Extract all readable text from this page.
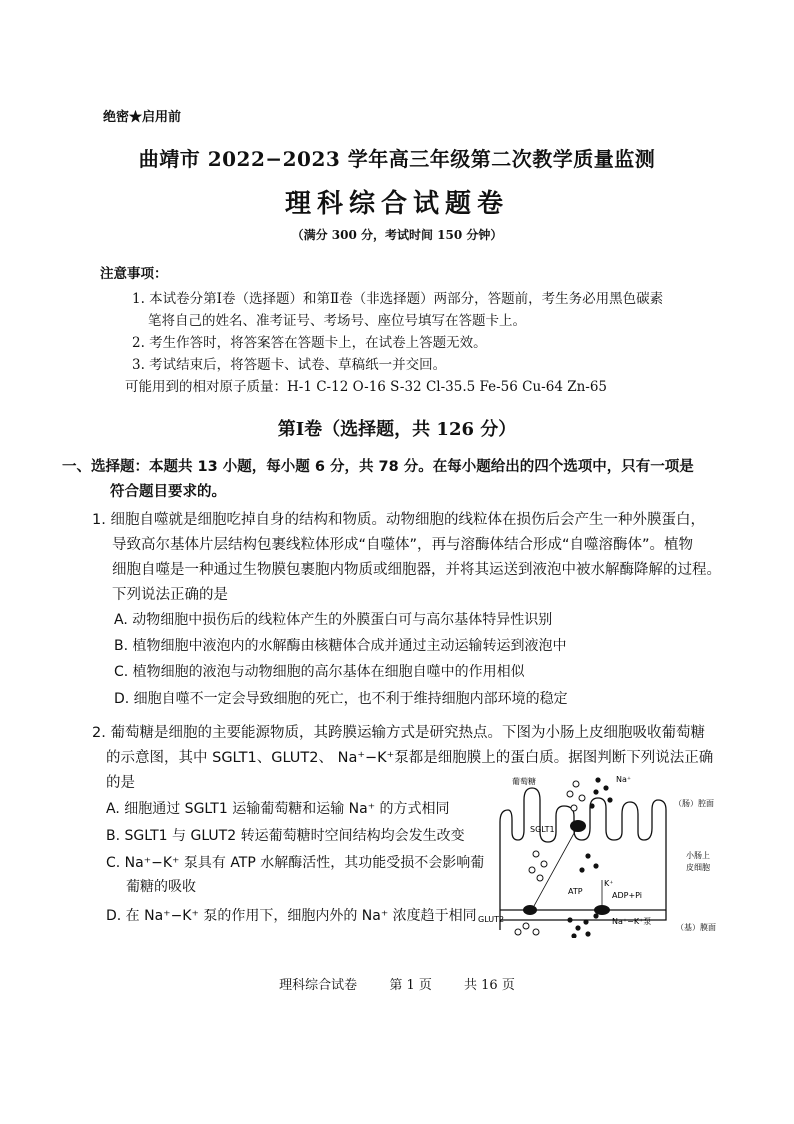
绝密★启用前
曲靖市 2022−2023 学年高三年级第二次教学质量监测
理科综合试题卷
（满分 300 分，考试时间 150 分钟）
注意事项：
1. 本试卷分第Ⅰ卷（选择题）和第Ⅱ卷（非选择题）两部分，答题前，考生务必用黑色碳素
笔将自己的姓名、准考证号、考场号、座位号填写在答题卡上。
2. 考生作答时，将答案答在答题卡上，在试卷上答题无效。
3. 考试结束后，将答题卡、试卷、草稿纸一并交回。
可能用到的相对原子质量：H-1 C-12 O-16 S-32 Cl-35.5 Fe-56 Cu-64 Zn-65
第Ⅰ卷（选择题，共 126 分）
一、选择题：本题共 13 小题，每小题 6 分，共 78 分。在每小题给出的四个选项中，只有一项是
符合题目要求的。
1. 细胞自噬就是细胞吃掉自身的结构和物质。动物细胞的线粒体在损伤后会产生一种外膜蛋白，
导致高尔基体片层结构包裹线粒体形成“自噬体”，再与溶酶体结合形成“自噬溶酶体”。植物
细胞自噬是一种通过生物膜包裹胞内物质或细胞器，并将其运送到液泡中被水解酶降解的过程。
下列说法正确的是
A. 动物细胞中损伤后的线粒体产生的外膜蛋白可与高尔基体特异性识别
B. 植物细胞中液泡内的水解酶由核糖体合成并通过主动运输转运到液泡中
C. 植物细胞的液泡与动物细胞的高尔基体在细胞自噬中的作用相似
D. 细胞自噬不一定会导致细胞的死亡，也不利于维持细胞内部环境的稳定
2. 葡萄糖是细胞的主要能源物质，其跨膜运输方式是研究热点。下图为小肠上皮细胞吸收葡萄糖
的示意图，其中 SGLT1、GLUT2、 Na⁺−K⁺泵都是细胞膜上的蛋白质。据图判断下列说法正确
的是
A. 细胞通过 SGLT1 运输葡萄糖和运输 Na⁺ 的方式相同
B. SGLT1 与 GLUT2 转运葡萄糖时空间结构均会发生改变
C. Na⁺−K⁺ 泵具有 ATP 水解酶活性，其功能受损不会影响葡
葡糖的吸收
D. 在 Na⁺−K⁺ 泵的作用下，细胞内外的 Na⁺ 浓度趋于相同
葡萄糖	Na⁺
（肠）腔面
SGLT1
小肠上
皮细胞
ATP
K⁺
ADP+Pi
GLUT2	Na⁺−K⁺泵
（基）膜面
理科综合试卷 第 1 页 共 16 页
